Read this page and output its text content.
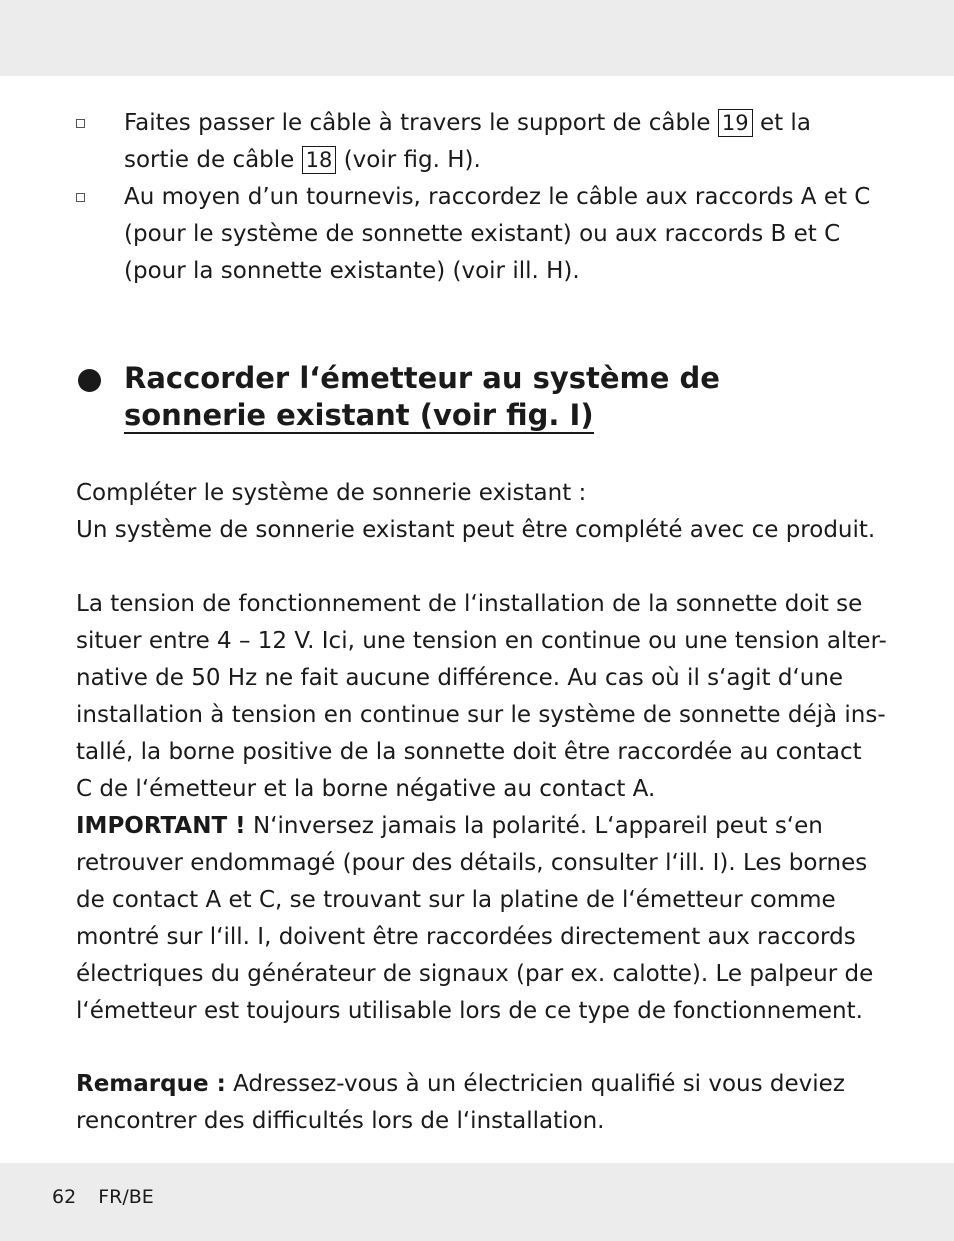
Faites passer le câble à travers le support de câble 19 et la
sortie de câble 18 (voir fig. H).
Au moyen d’un tournevis, raccordez le câble aux raccords A et C
(pour le système de sonnette existant) ou aux raccords B et C
(pour la sonnette existante) (voir ill. H).
Raccorder l‘émetteur au système de
sonnerie existant (voir fig. I)
Compléter le système de sonnerie existant :
Un système de sonnerie existant peut être complété avec ce produit.
La tension de fonctionnement de l‘installation de la sonnette doit se
situer entre 4 – 12 V. Ici, une tension en continue ou une tension alter-
native de 50 Hz ne fait aucune différence. Au cas où il s‘agit d‘une
installation à tension en continue sur le système de sonnette déjà ins-
tallé, la borne positive de la sonnette doit être raccordée au contact
C de l‘émetteur et la borne négative au contact A.
IMPORTANT ! N‘inversez jamais la polarité. L‘appareil peut s‘en
retrouver endommagé (pour des détails, consulter l‘ill. I). Les bornes
de contact A et C, se trouvant sur la platine de l‘émetteur comme
montré sur l‘ill. I, doivent être raccordées directement aux raccords
électriques du générateur de signaux (par ex. calotte). Le palpeur de
l‘émetteur est toujours utilisable lors de ce type de fonctionnement.
Remarque : Adressez-vous à un électricien qualifié si vous deviez
rencontrer des difficultés lors de l‘installation.
62 FR/BE
